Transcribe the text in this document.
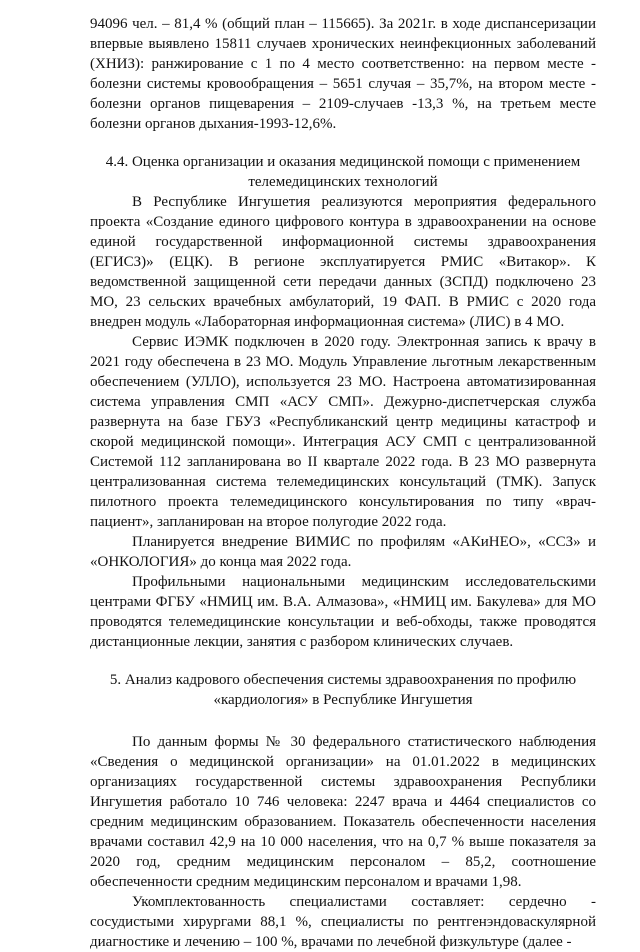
94096 чел. – 81,4 % (общий план – 115665). За 2021г. в ходе диспансеризации впервые выявлено 15811 случаев хронических неинфекционных заболеваний (ХНИЗ): ранжирование с 1 по 4 место соответственно: на первом месте - болезни системы кровообращения – 5651 случая – 35,7%, на втором месте - болезни органов пищеварения – 2109-случаев -13,3 %, на третьем месте болезни органов дыхания-1993-12,6%.

4.4. Оценка организации и оказания медицинской помощи с применением телемедицинских технологий

В Республике Ингушетия реализуются мероприятия федерального проекта «Создание единого цифрового контура в здравоохранении на основе единой государственной информационной системы здравоохранения (ЕГИСЗ)» (ЕЦК). В регионе эксплуатируется РМИС «Витакор». К ведомственной защищенной сети передачи данных (ЗСПД) подключено 23 МО, 23 сельских врачебных амбулаторий, 19 ФАП. В РМИС с 2020 года внедрен модуль «Лабораторная информационная система» (ЛИС) в 4 МО.

Сервис ИЭМК подключен в 2020 году. Электронная запись к врачу в 2021 году обеспечена в 23 МО. Модуль Управление льготным лекарственным обеспечением (УЛЛО), используется 23 МО. Настроена автоматизированная система управления СМП «АСУ СМП». Дежурно-диспетчерская служба развернута на базе ГБУЗ «Республиканский центр медицины катастроф и скорой медицинской помощи». Интеграция АСУ СМП с централизованной Системой 112 запланирована во II квартале 2022 года. В 23 МО развернута централизованная система телемедицинских консультаций (ТМК). Запуск пилотного проекта телемедицинского консультирования по типу «врач-пациент», запланирован на второе полугодие 2022 года.

Планируется внедрение ВИМИС по профилям «АКиНЕО», «ССЗ» и «ОНКОЛОГИЯ» до конца мая 2022 года.

Профильными национальными медицинским исследовательскими центрами ФГБУ «НМИЦ им. В.А. Алмазова», «НМИЦ им. Бакулева» для МО проводятся телемедицинские консультации и веб-обходы, также проводятся дистанционные лекции, занятия с разбором клинических случаев.

5. Анализ кадрового обеспечения системы здравоохранения по профилю «кардиология» в Республике Ингушетия

По данным формы № 30 федерального статистического наблюдения «Сведения о медицинской организации» на 01.01.2022 в медицинских организациях государственной системы здравоохранения Республики Ингушетия работало 10 746 человека: 2247 врача и 4464 специалистов со средним медицинским образованием. Показатель обеспеченности населения врачами составил 42,9 на 10 000 населения, что на 0,7 % выше показателя за 2020 год, средним медицинским персоналом – 85,2, соотношение обеспеченности средним медицинским персоналом и врачами 1,98.

Укомплектованность специалистами составляет: сердечно - сосудистыми хирургами 88,1 %, специалисты по рентгенэндоваскулярной диагностике и лечению – 100 %, врачами по лечебной физкультуре (далее -
